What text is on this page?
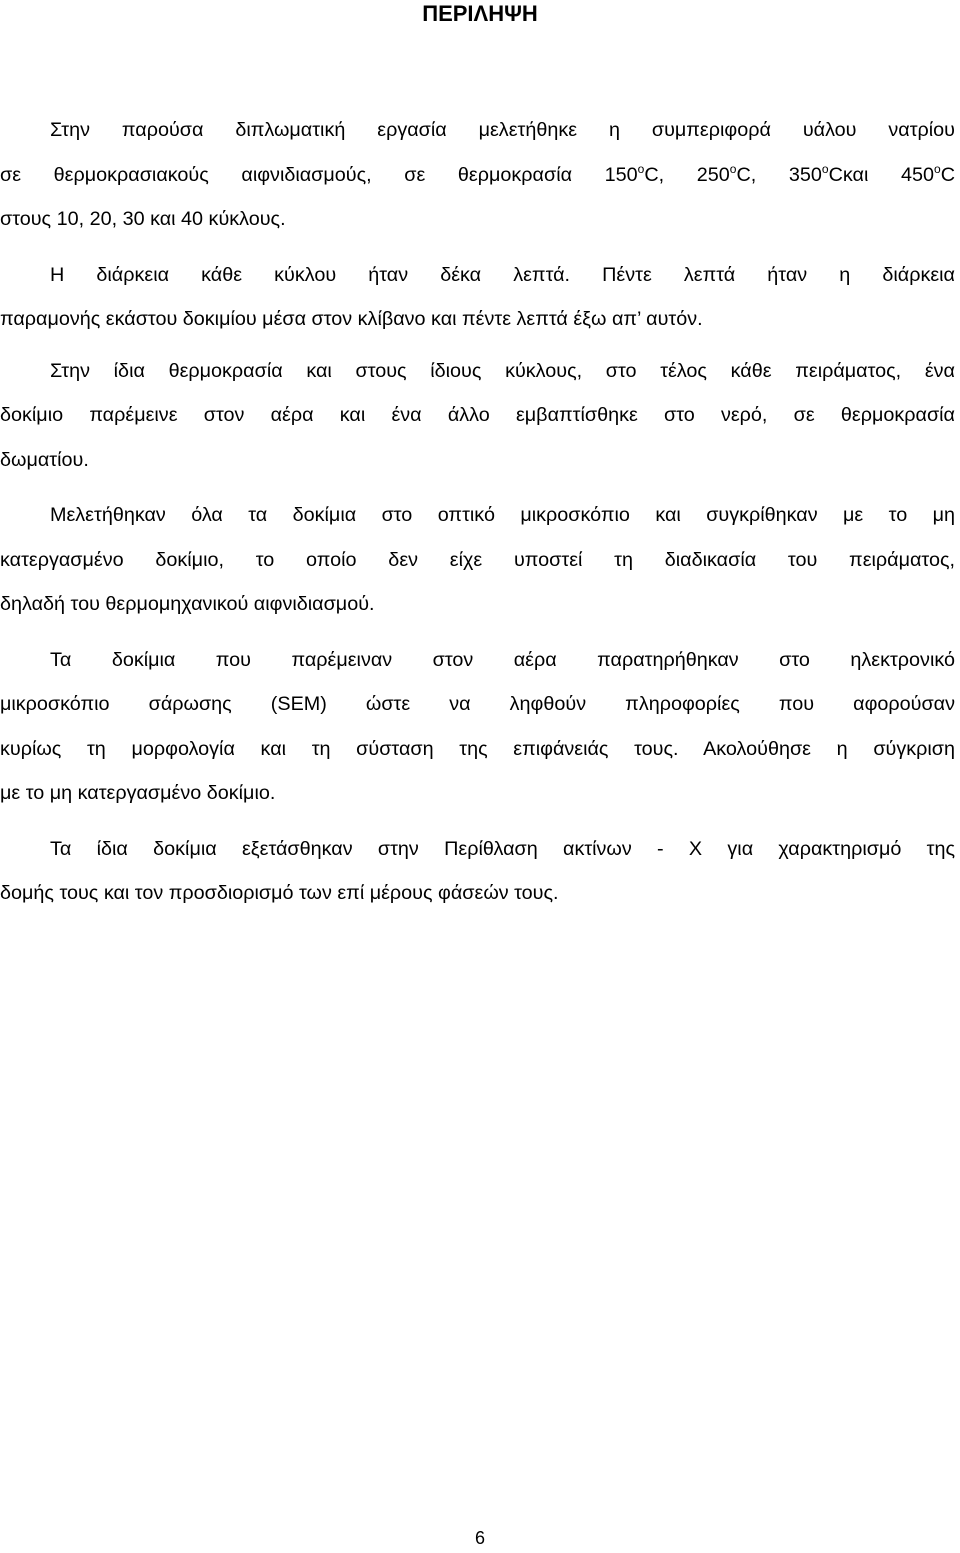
ΠΕΡΙΛΗΨΗ

Στην παρούσα διπλωματική εργασία μελετήθηκε η συμπεριφορά υάλου νατρίου
σε θερμοκρασιακούς αιφνιδιασμούς, σε θερμοκρασία 150$^o$C, 250$^o$C, 350$^o$Cκαι 450$^o$C
στους 10, 20, 30 και 40 κύκλους.

Η διάρκεια κάθε κύκλου ήταν δέκα λεπτά. Πέντε λεπτά ήταν η διάρκεια
παραμονής εκάστου δοκιμίου μέσα στον κλίβανο και πέντε λεπτά έξω απ’ αυτόν.

Στην ίδια θερμοκρασία και στους ίδιους κύκλους, στο τέλος κάθε πειράματος, ένα
δοκίμιο παρέμεινε στον αέρα και ένα άλλο εμβαπτίσθηκε στο νερό, σε θερμοκρασία
δωματίου.

Μελετήθηκαν όλα τα δοκίμια στο οπτικό μικροσκόπιο και συγκρίθηκαν με το μη
κατεργασμένο δοκίμιο, το οποίο δεν είχε υποστεί τη διαδικασία του πειράματος,
δηλαδή του θερμομηχανικού αιφνιδιασμού.

Τα δοκίμια που παρέμειναν στον αέρα παρατηρήθηκαν στο ηλεκτρονικό
μικροσκόπιο σάρωσης (SEM) ώστε να ληφθούν πληροφορίες που αφορούσαν
κυρίως τη μορφολογία και τη σύσταση της επιφάνειάς τους. Ακολούθησε η σύγκριση
με το μη κατεργασμένο δοκίμιο.

Τα ίδια δοκίμια εξετάσθηκαν στην Περίθλαση ακτίνων - Χ για χαρακτηρισμό της
δομής τους και τον προσδιορισμό των επί μέρους φάσεών τους.

6
